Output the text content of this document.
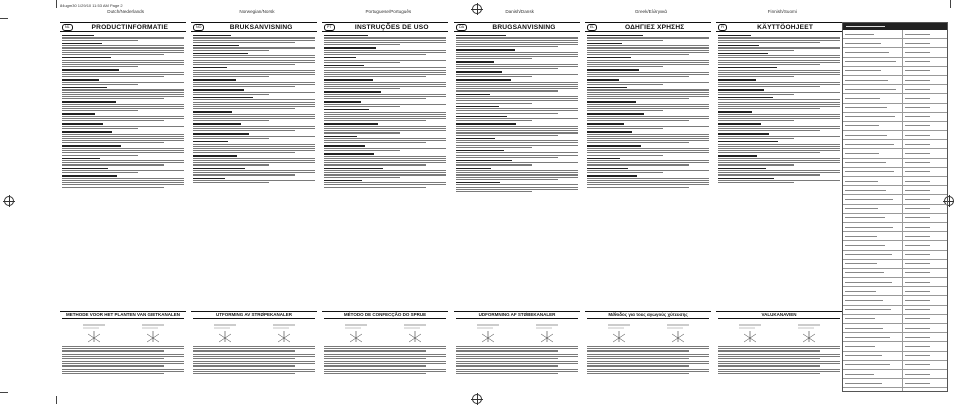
84ugm30 1/29/10 11:53 AM Page 2
Dutch/Nederlands	Norwegian/Norsk	Portuguese/Português	Danish/Dansk	Greek/Ελληνικά	Finnish/Suomi
NL	PRODUCTINFORMATIE
METHODE VOOR HET PLANTEN VAN GIETKANALEN
NO	BRUKSANVISNING
UTFORMING AV STRØPEKANALER
PT	INSTRUÇÕES DE USO
MÉTODO DE CONFECÇÃO DO SPRUE
DA	BRUGSANVISNING
UDFORMNING AF STØBEKANALER
EL	ΟΔΗΓΙΕΣ ΧΡΗΣΗΣ
Μέθοδος για τους αγωγούς χύτευσης
FI	KÄYTTÖOHJEET
VALUKANAVIEN
